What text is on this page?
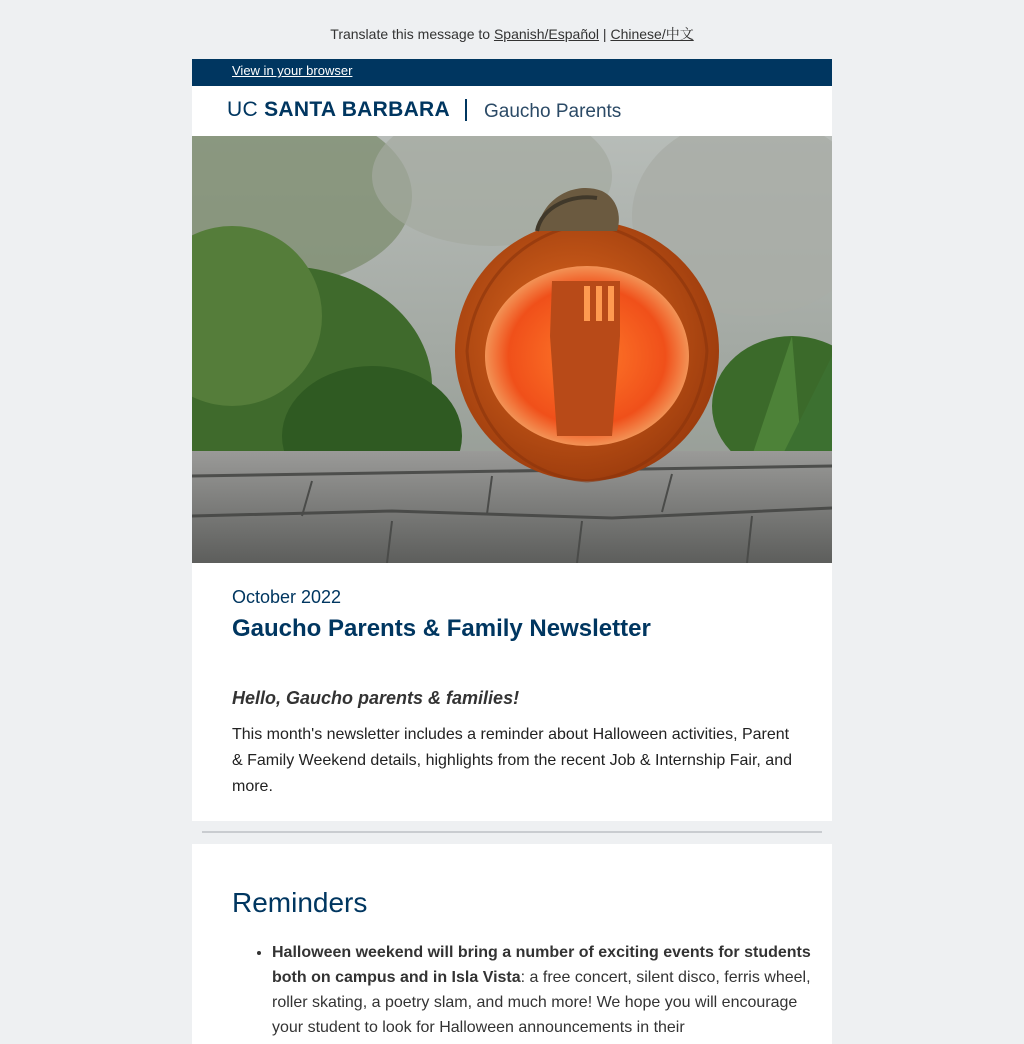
Translate this message to Spanish/Español | Chinese/中文
View in your browser
UC SANTA BARBARA Gaucho Parents
October 2022
Gaucho Parents & Family Newsletter
Hello, Gaucho parents & families!
This month's newsletter includes a reminder about Halloween activities, Parent & Family Weekend details, highlights from the recent Job & Internship Fair, and more.
Reminders
• Halloween weekend will bring a number of exciting events for students both on campus and in Isla Vista: a free concert, silent disco, ferris wheel, roller skating, a poetry slam, and much more! We hope you will encourage your student to look for Halloween announcements in their
